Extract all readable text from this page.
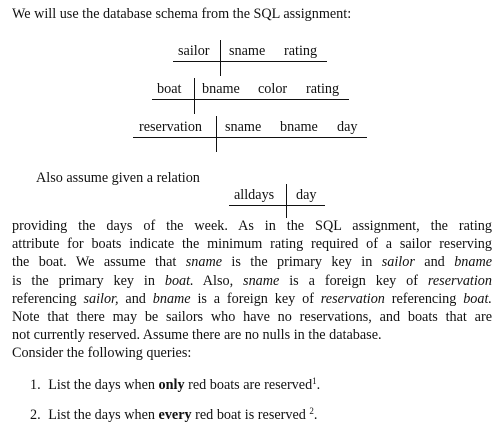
We will use the database schema from the SQL assignment:
sailor sname rating
boat bname color rating
reservation sname bname day
Also assume given a relation
alldays day
providing the days of the week. As in the SQL assignment, the rating
attribute for boats indicate the minimum rating required of a sailor reserving
the boat. We assume that sname is the primary key in sailor and bname
is the primary key in boat. Also, sname is a foreign key of reservation
referencing sailor, and bname is a foreign key of reservation referencing boat.
Note that there may be sailors who have no reservations, and boats that are
not currently reserved. Assume there are no nulls in the database.
Consider the following queries:
1. List the days when only red boats are reserved$^1$.
2. List the days when every red boat is reserved $^2$.
